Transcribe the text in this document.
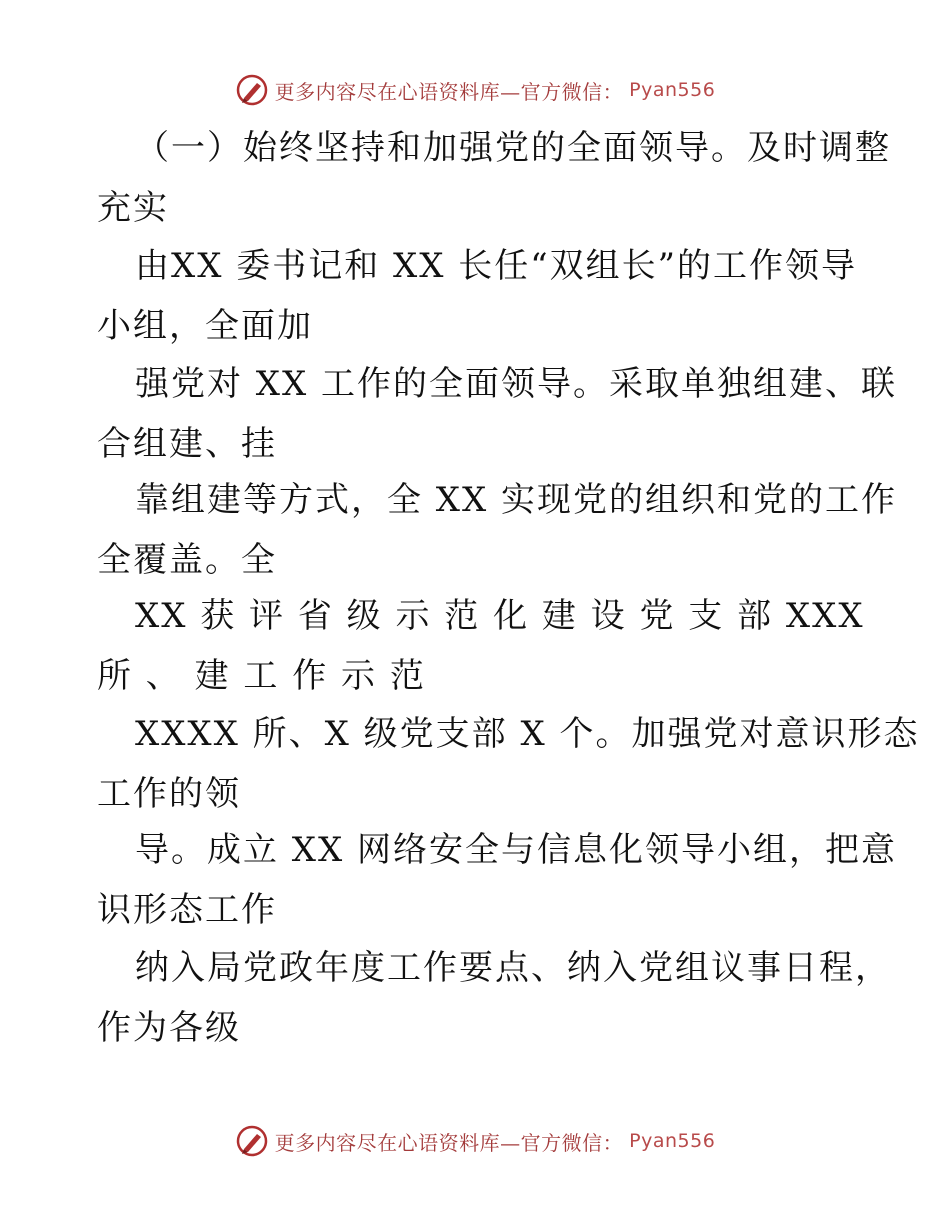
更多内容尽在心语资料库—官方微信： Pyan556
（一）始终坚持和加强党的全面领导。及时调整
充实
由XX 委书记和 XX 长任“双组长”的工作领导
小组，全面加
强党对 XX 工作的全面领导。采取单独组建、联
合组建、挂
靠组建等方式，全 XX 实现党的组织和党的工作
全覆盖。全
XX 获 评 省 级 示 范 化 建 设 党 支 部 XXX
所 、 建 工 作 示 范
XXXX 所、X 级党支部 X 个。加强党对意识形态
工作的领
导。成立 XX 网络安全与信息化领导小组，把意
识形态工作
纳入局党政年度工作要点、纳入党组议事日程，
作为各级
更多内容尽在心语资料库—官方微信： Pyan556
